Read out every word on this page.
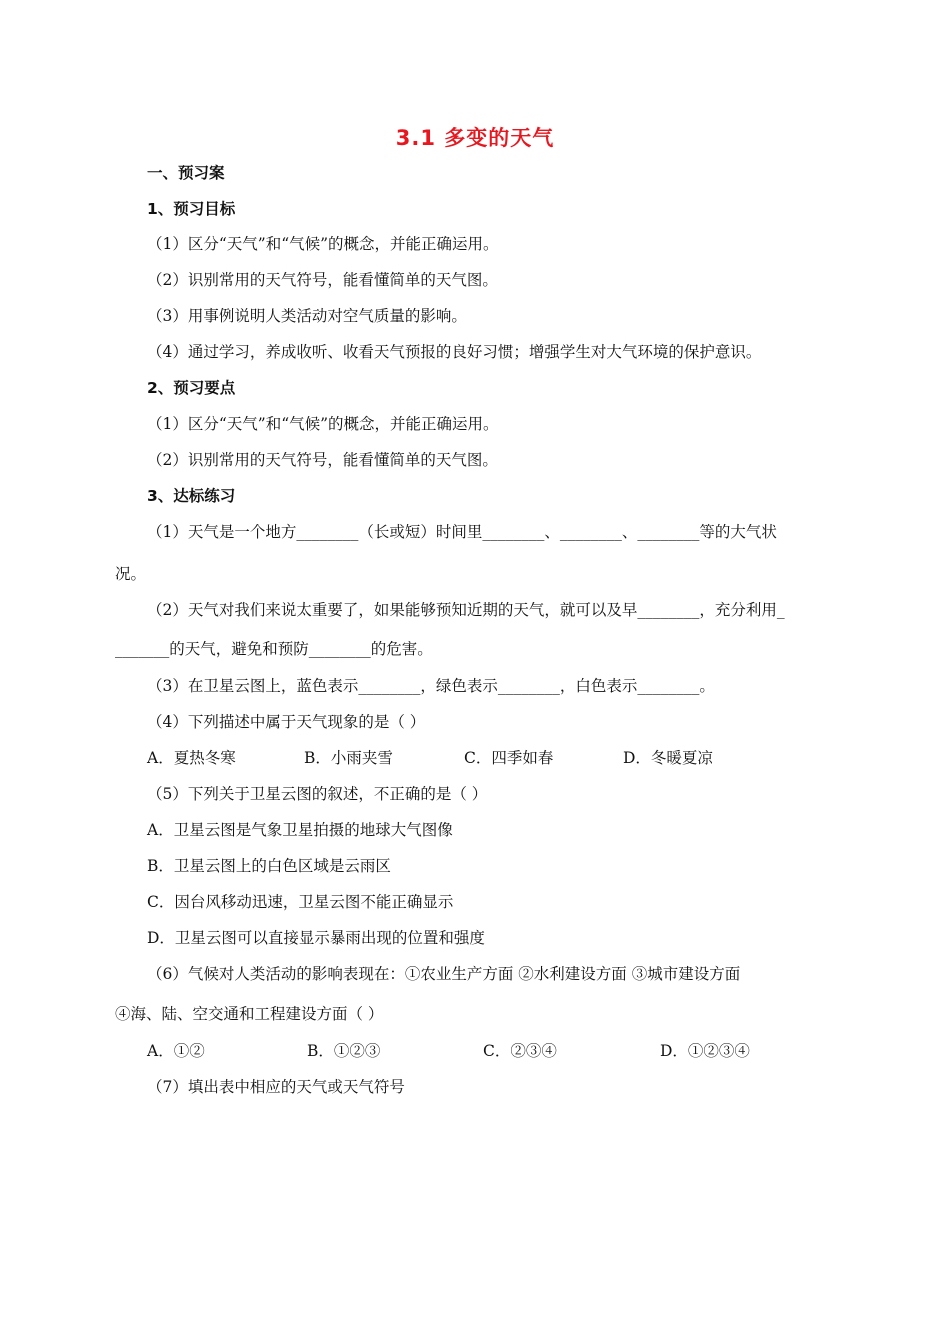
3.1 多变的天气
一、预习案
1、预习目标
（1）区分“天气”和“气候”的概念，并能正确运用。
（2）识别常用的天气符号，能看懂简单的天气图。
（3）用事例说明人类活动对空气质量的影响。
（4）通过学习，养成收听、收看天气预报的良好习惯；增强学生对大气环境的保护意识。
2、预习要点
（1）区分“天气”和“气候”的概念，并能正确运用。
（2）识别常用的天气符号，能看懂简单的天气图。
3、达标练习
（1）天气是一个地方________（长或短）时间里________、________、________等的大气状
况。
（2）天气对我们来说太重要了，如果能够预知近期的天气，就可以及早________，充分利用_
_______的天气，避免和预防________的危害。
（3）在卫星云图上，蓝色表示________，绿色表示________，白色表示________。
（4）下列描述中属于天气现象的是（ ）
A．夏热冬寒	B．小雨夹雪	C．四季如春	D．冬暖夏凉
（5）下列关于卫星云图的叙述，不正确的是（ ）
A．卫星云图是气象卫星拍摄的地球大气图像
B．卫星云图上的白色区域是云雨区
C．因台风移动迅速，卫星云图不能正确显示
D．卫星云图可以直接显示暴雨出现的位置和强度
（6）气候对人类活动的影响表现在：①农业生产方面 ②水利建设方面 ③城市建设方面
④海、陆、空交通和工程建设方面（ ）
A．①②	B．①②③	C．②③④	D．①②③④
（7）填出表中相应的天气或天气符号
